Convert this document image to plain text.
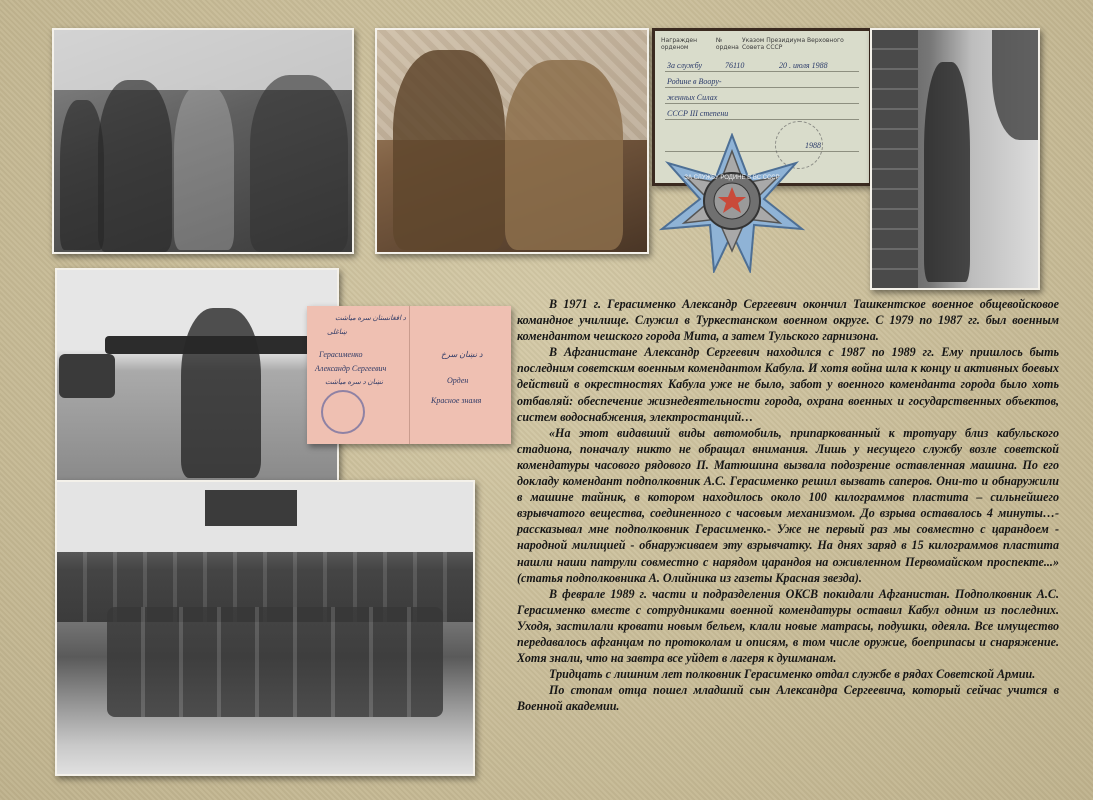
Награжден орденом
№ ордена
Указом Президиума Верховного Совета СССР
За службу	76110	20 . июля 1988
Родине в Воору-
женных Силах
СССР III степени
1988
ЗА СЛУЖБУ РОДИНЕ В ВС СССР
د افغانستان سره میاشت
ښاغلی
Герасименко
Александр Сергеевич
نښان د سره میاشت
د نښان سرخ
Орден
Красное знамя

В 1971 г. Герасименко Александр Сергеевич окончил Ташкентское военное общевойсковое командное училище. Служил в Туркестанском военном округе. С 1979 по 1987 гг. был военным комендантом чешского города Мита, а затем Тульского гарнизона.

В Афганистане Александр Сергеевич находился с 1987 по 1989 гг. Ему пришлось быть последним советским военным комендантом Кабула. И хотя война шла к концу и активных боевых действий в окрестностях Кабула уже не было, забот у военного коменданта города было хоть отбавляй: обеспечение жизнедеятельности города, охрана военных и государственных объектов, систем водоснабжения, электростанций…

«На этот видавший виды автомобиль, припаркованный к тротуару близ кабульского стадиона, поначалу никто не обращал внимания. Лишь у несущего службу возле советской комендатуры часового рядового П. Матюшина вызвала подозрение оставленная машина. По его докладу комендант подполковник А.С. Герасименко решил вызвать саперов. Они-то и обнаружили в машине тайник, в котором находилось около 100 килограммов пластита – сильнейшего взрывчатого вещества, соединенного с часовым механизмом. До взрыва оставалось 4 минуты…- рассказывал мне подполковник Герасименко.- Уже не первый раз мы совместно с царандоем - народной милицией - обнаруживаем эту взрывчатку. На днях заряд в 15 килограммов пластита нашли наши патрули совместно с нарядом царандоя на оживленном Первомайском проспекте...» (статья подполковника А. Олийника из газеты Красная звезда).

В феврале 1989 г. части и подразделения ОКСВ покидали Афганистан. Подполковник А.С. Герасименко вместе с сотрудниками военной комендатуры оставил Кабул одним из последних. Уходя, застилали кровати новым бельем, клали новые матрасы, подушки, одеяла. Все имущество передавалось афганцам по протоколам и описям, в том числе оружие, боеприпасы и снаряжение. Хотя знали, что на завтра все уйдет в лагеря к душманам.

Тридцать с лишним лет полковник Герасименко отдал службе в рядах Советской Армии.

По стопам отца пошел младший сын Александра Сергеевича, который сейчас учится в Военной академии.
